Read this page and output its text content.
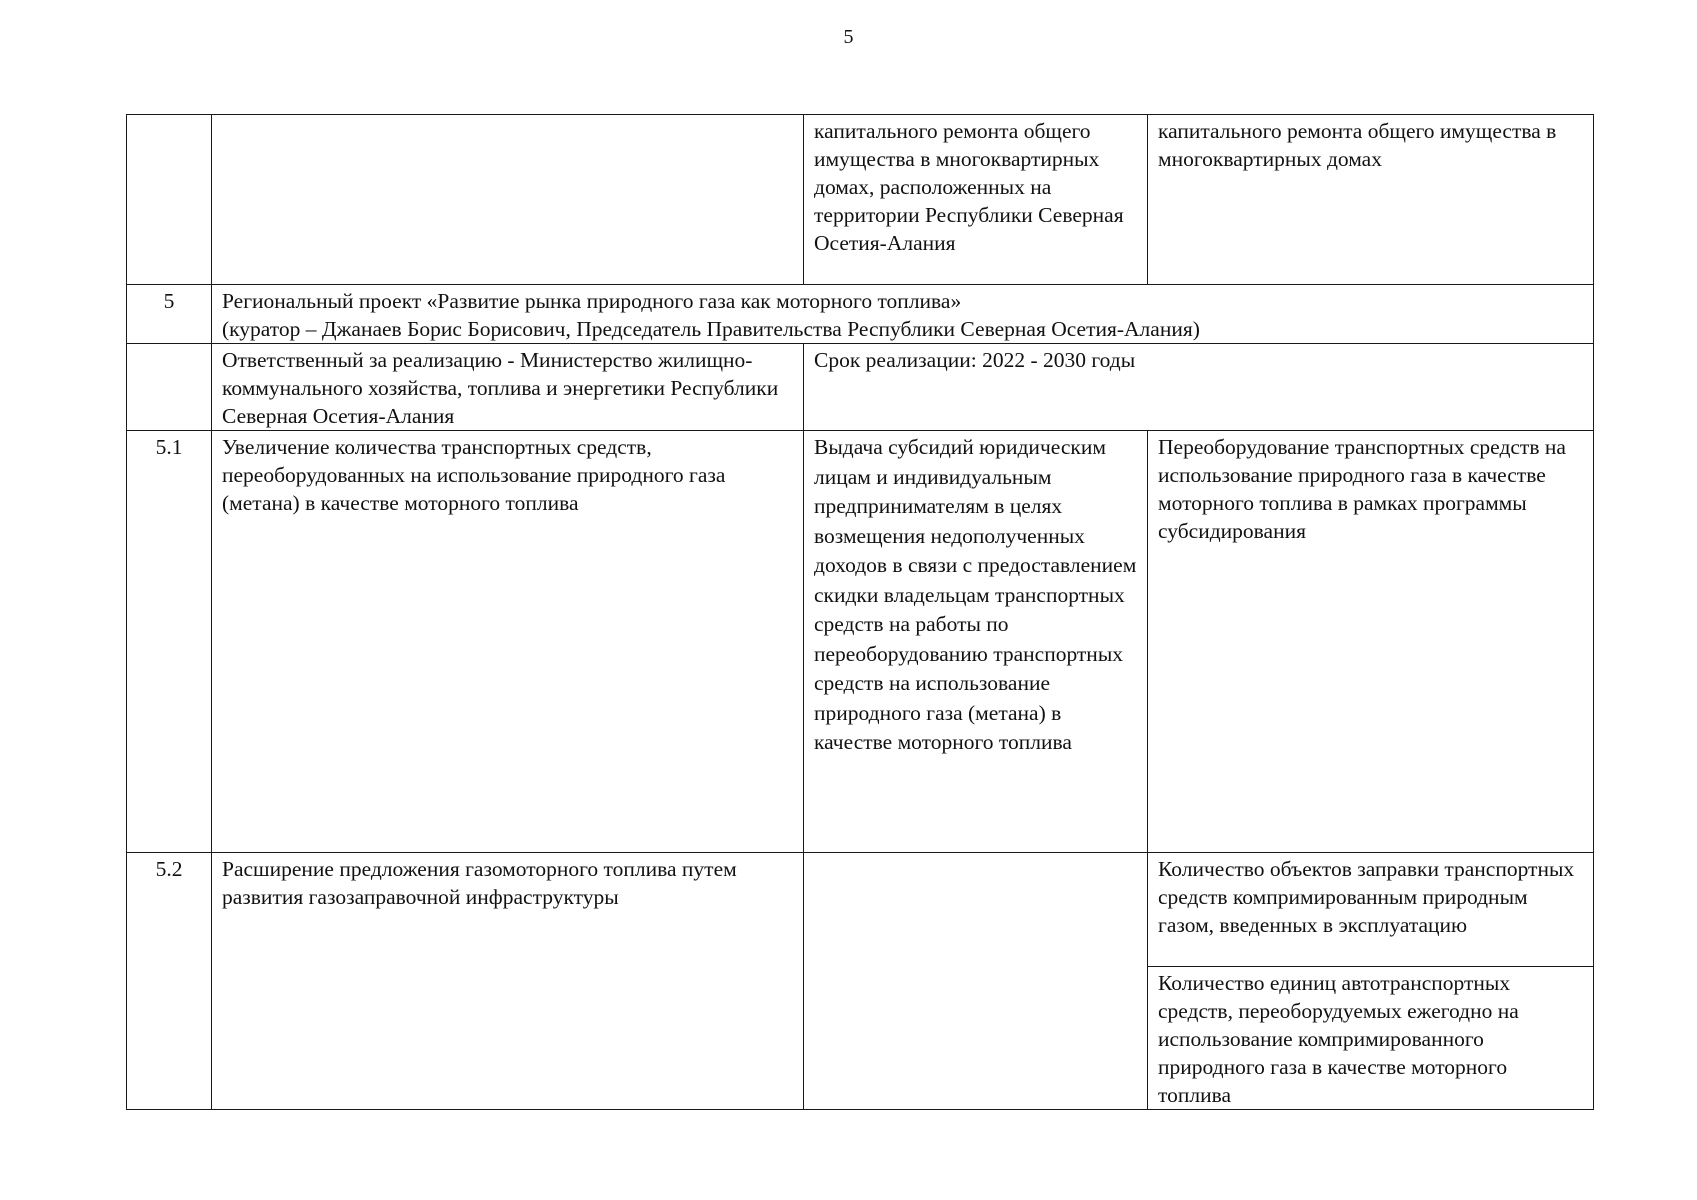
5
		капитального ремонта общего имущества в многоквартирных домах, расположенных на территории Республики Северная Осетия-Алания	капитального ремонта общего имущества в многоквартирных домах
5	Региональный проект «Развитие рынка природного газа как моторного топлива»
(куратор – Джанаев Борис Борисович, Председатель Правительства Республики Северная Осетия-Алания)		

	Ответственный за реализацию - Министерство жилищно-коммунального хозяйства, топлива и энергетики Республики Северная Осетия-Алания	Срок реализации: 2022 - 2030 годы	
5.1	Увеличение количества транспортных средств, переоборудованных на использование природного газа (метана) в качестве моторного топлива	Выдача субсидий юридическим лицам и индивидуальным предпринимателям в целях возмещения недополученных доходов в связи с предоставлением скидки владельцам транспортных средств на работы по переоборудованию транспортных средств на использование природного газа (метана) в качестве моторного топлива	Переоборудование транспортных средств на использование природного газа в качестве моторного топлива в рамках программы субсидирования
5.2	Расширение предложения газомоторного топлива путем развития газозаправочной инфраструктуры		Количество объектов заправки транспортных средств компримированным природным газом, введенных в эксплуатацию
			Количество единиц автотранспортных средств, переоборудуемых ежегодно на использование компримированного природного газа в качестве моторного топлива
